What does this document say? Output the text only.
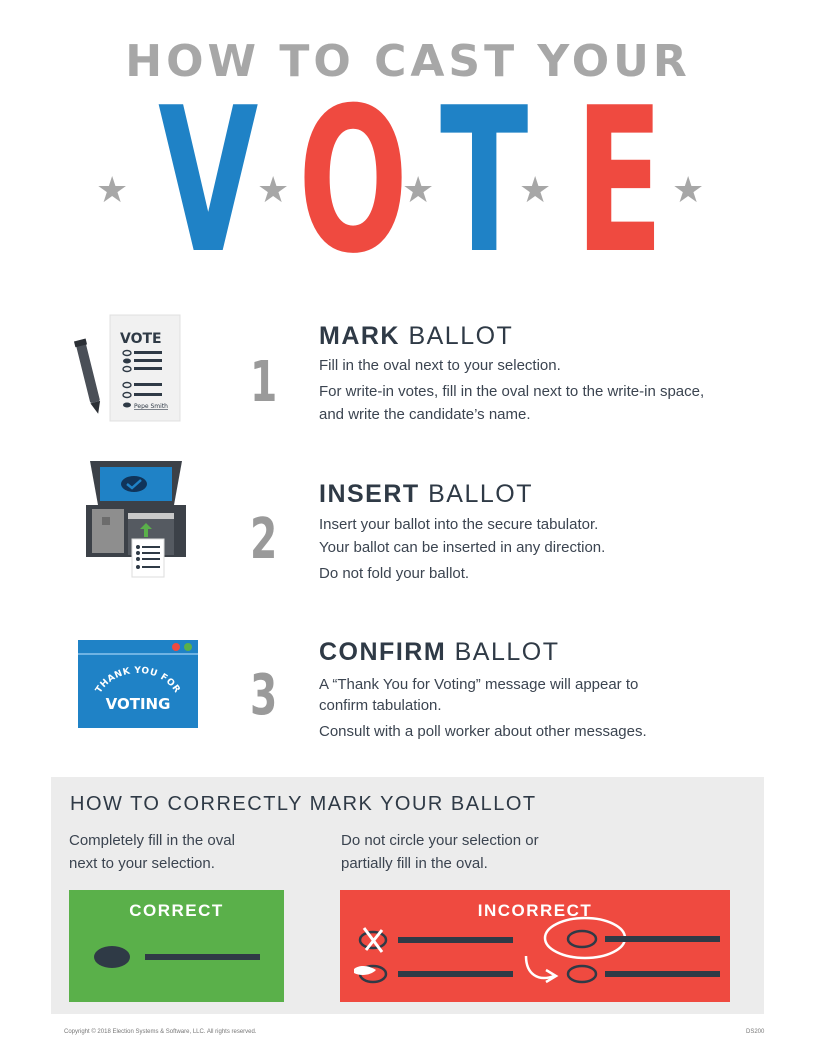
HOW TO CAST YOUR
V O T E
★	★	★ ★	★
VOTE
Pepe Smith 1
MARK BALLOT
Fill in the oval next to your selection.
For write-in votes, fill in the oval next to the write-in space,
and write the candidate’s name.
2
INSERT BALLOT
Insert your ballot into the secure tabulator.
Your ballot can be inserted in any direction.
Do not fold your ballot.
THANK YOU FOR
VOTING 3
CONFIRM BALLOT
A “Thank You for Voting” message will appear to
confirm tabulation.
Consult with a poll worker about other messages.
HOW TO CORRECTLY MARK YOUR BALLOT
Completely fill in the oval
next to your selection.
Do not circle your selection or
partially fill in the oval.
CORRECT	INCORRECT
Copyright © 2018 Election Systems & Software, LLC. All rights reserved.	DS200
